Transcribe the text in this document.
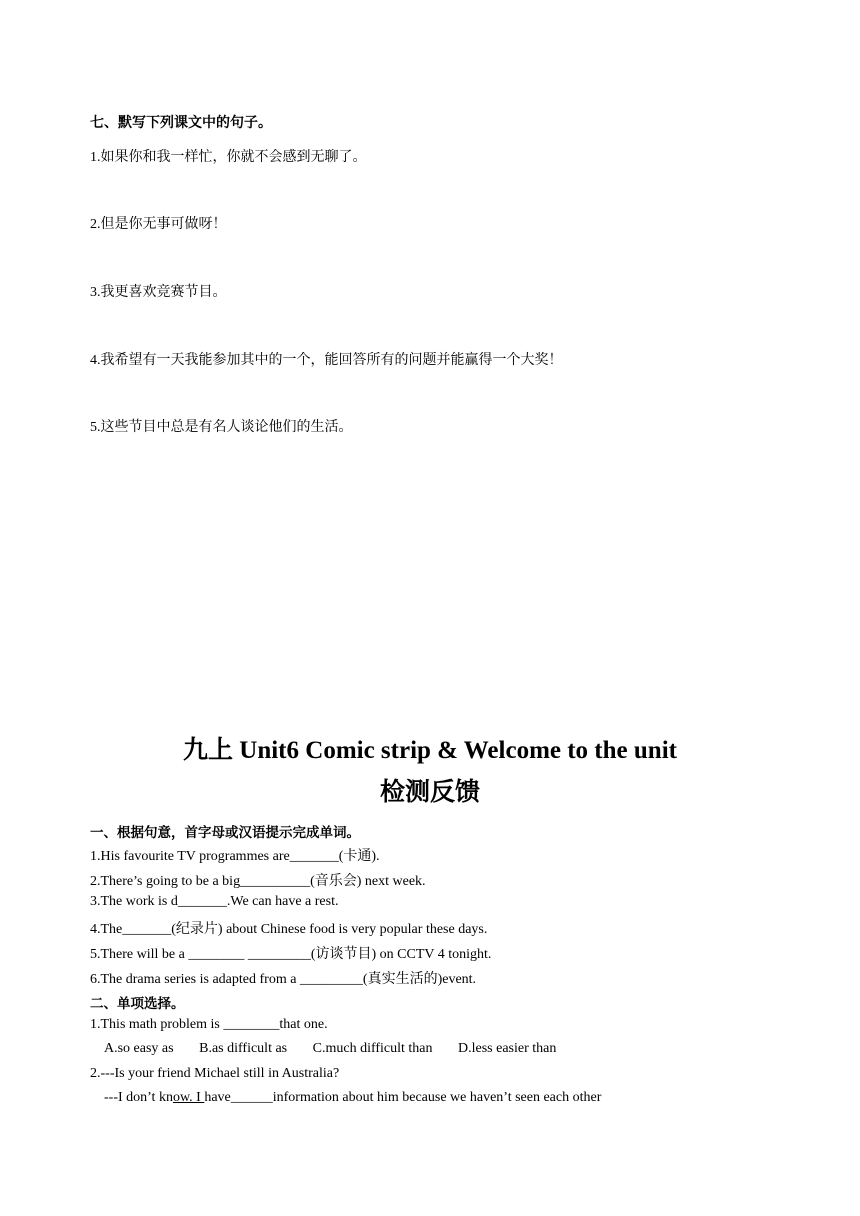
七、默写下列课文中的句子。
1.如果你和我一样忙，你就不会感到无聊了。
2.但是你无事可做呀！
3.我更喜欢竞赛节目。
4.我希望有一天我能参加其中的一个，能回答所有的问题并能赢得一个大奖！
5.这些节目中总是有名人谈论他们的生活。
九上 Unit6 Comic strip & Welcome to the unit
检测反馈
一、根据句意，首字母或汉语提示完成单词。
1.His favourite TV programmes are_______(卡通).
2.There’s going to be a big__________(音乐会) next week.
3.The work is d_______.We can have a rest.
4.The_______(纪录片) about Chinese food is very popular these days.
5.There will be a ________ _________(访谈节目) on CCTV 4 tonight.
6.The drama series is adapted from a _________(真实生活的)event.
二、单项选择。
1.This math problem is ________that one.
A.so easy as B.as difficult as C.much difficult than D.less easier than
2.---Is your friend Michael still in Australia?
---I don’t know. I have______information about him because we haven’t seen each other
